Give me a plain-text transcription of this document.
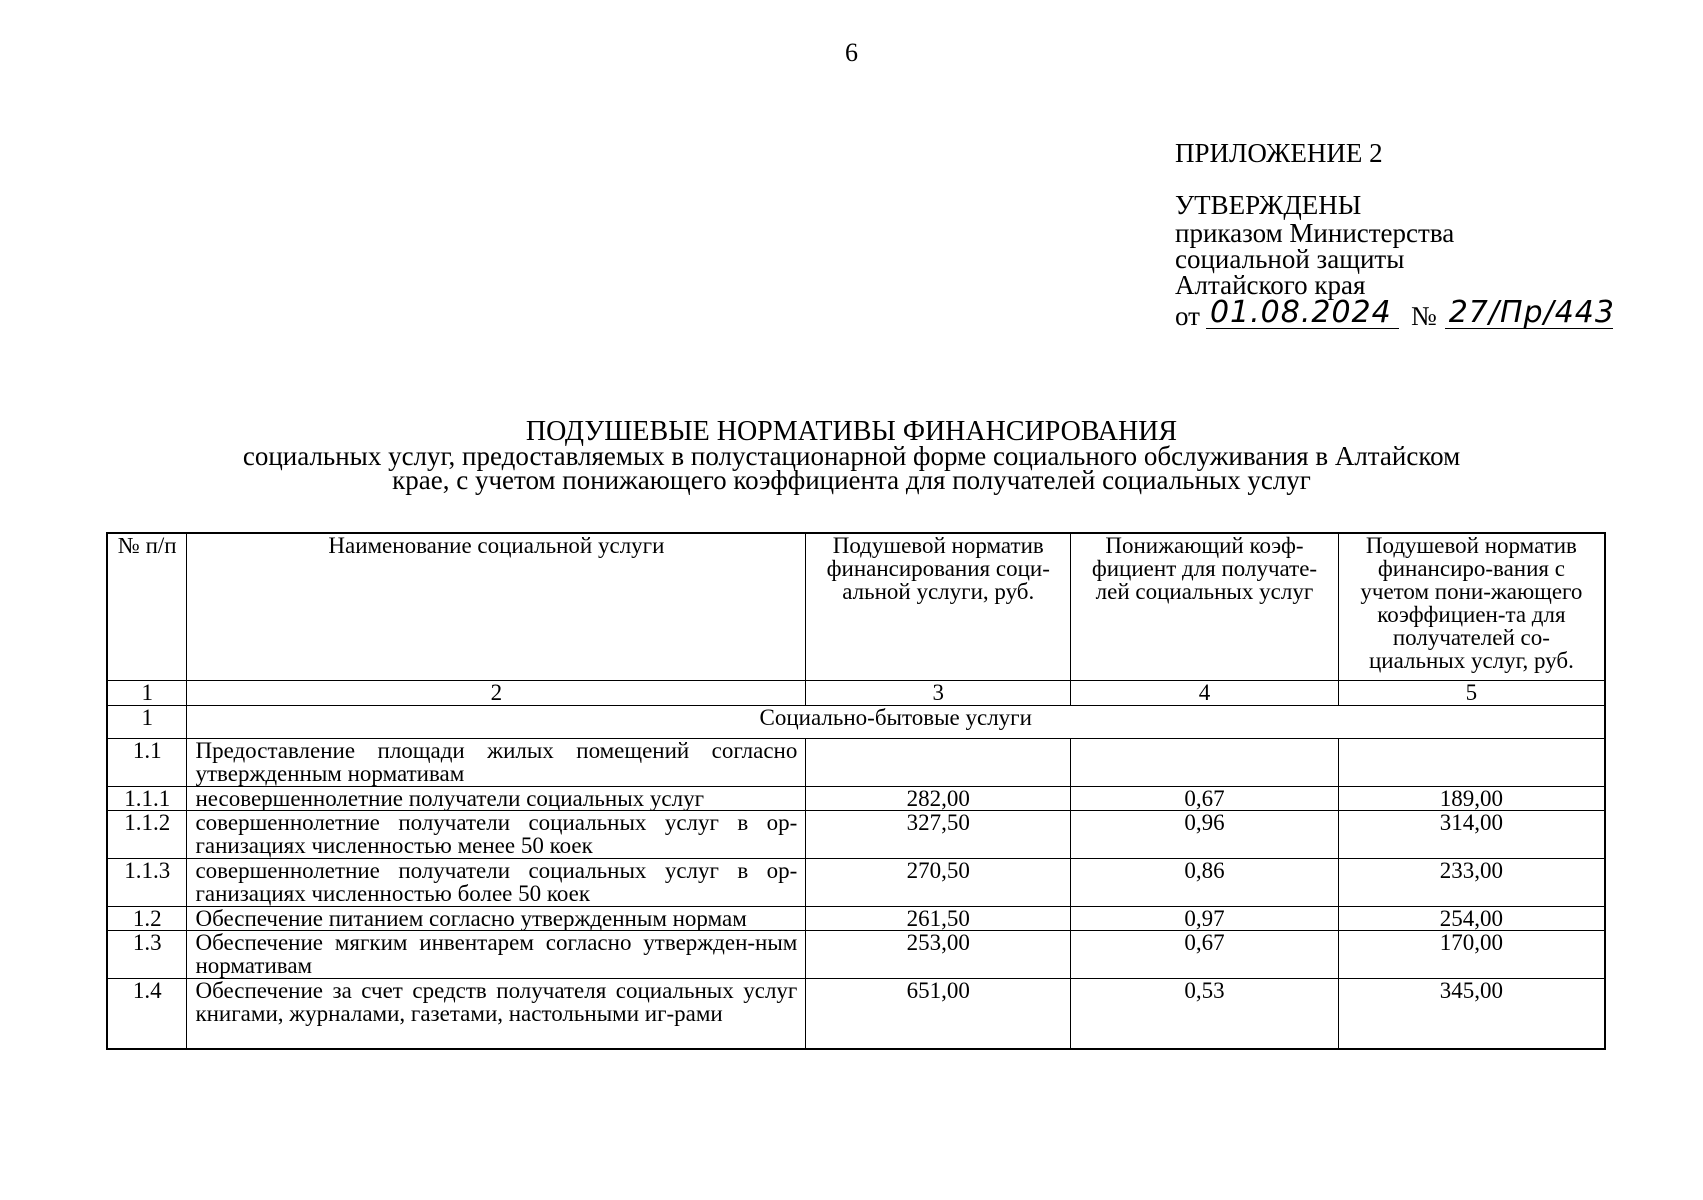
6
ПРИЛОЖЕНИЕ 2
УТВЕРЖДЕНЫ
приказом Министерства
социальной защиты
Алтайского края
от 01.08.2024 № 27/Пр/443
ПОДУШЕВЫЕ НОРМАТИВЫ ФИНАНСИРОВАНИЯ
социальных услуг, предоставляемых в полустационарной форме социального обслуживания в Алтайском
крае, с учетом понижающего коэффициента для получателей социальных услуг
№ п/п	Наименование социальной услуги	Подушевой норматив финансирования соци-альной услуги, руб.	Понижающий коэф-фициент для получате-лей социальных услуг	Подушевой норматив финансиро-вания с учетом пони-жающего коэффициен-та для получателей со-циальных услуг, руб.
1	2	3	4	5
1	Социально-бытовые услуги			
1.1	Предоставление площади жилых помещений согласно утвержденным нормативам			
1.1.1	несовершеннолетние получатели социальных услуг	282,00	0,67	189,00
1.1.2	совершеннолетние получатели социальных услуг в ор-ганизациях численностью менее 50 коек	327,50	0,96	314,00
1.1.3	совершеннолетние получатели социальных услуг в ор-ганизациях численностью более 50 коек	270,50	0,86	233,00
1.2	Обеспечение питанием согласно утвержденным нормам	261,50	0,97	254,00
1.3	Обеспечение мягким инвентарем согласно утвержден-ным нормативам	253,00	0,67	170,00
1.4	Обеспечение за счет средств получателя социальных услуг книгами, журналами, газетами, настольными иг-рами	651,00	0,53	345,00
